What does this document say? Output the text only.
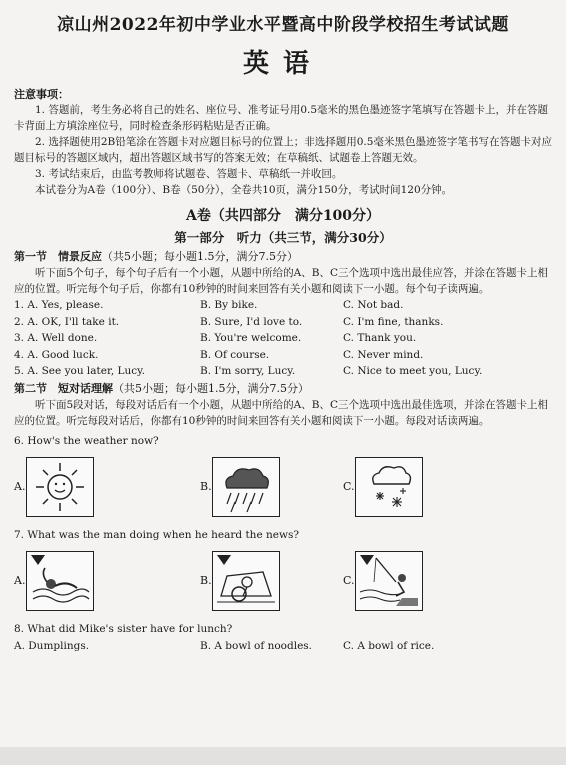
凉山州2022年初中学业水平暨高中阶段学校招生考试试题
英语
注意事项：
1. 答题前，考生务必将自己的姓名、座位号、准考证号用0.5毫米的黑色墨迹签字笔填写在答题卡上，并在答题卡背面上方填涂座位号，同时检查条形码粘贴是否正确。
2. 选择题使用2B铅笔涂在答题卡对应题目标号的位置上；非选择题用0.5毫米黑色墨迹签字笔书写在答题卡对应题目标号的答题区域内，超出答题区域书写的答案无效；在草稿纸、试题卷上答题无效。
3. 考试结束后，由监考教师将试题卷、答题卡、草稿纸一并收回。
本试卷分为A卷（100分）、B卷（50分），全卷共10页，满分150分，考试时间120分钟。
A卷（共四部分　满分100分）
第一部分　听力（共三节，满分30分）
第一节　情景反应（共5小题；每小题1.5分，满分7.5分）
听下面5个句子，每个句子后有一个小题，从题中所给的A、B、C三个选项中选出最佳应答，并涂在答题卡上相应的位置。听完每个句子后，你都有10秒钟的时间来回答有关小题和阅读下一小题。每个句子读两遍。
1. A. Yes, please.	B. By bike.	C. Not bad.
2. A. OK, I'll take it.	B. Sure, I'd love to.	C. I'm fine, thanks.
3. A. Well done.	B. You're welcome.	C. Thank you.
4. A. Good luck.	B. Of course.	C. Never mind.
5. A. See you later, Lucy.	B. I'm sorry, Lucy.	C. Nice to meet you, Lucy.
第二节　短对话理解（共5小题；每小题1.5分，满分7.5分）
听下面5段对话，每段对话后有一个小题，从题中所给的A、B、C三个选项中选出最佳选项，并涂在答题卡上相应的位置。听完每段对话后，你都有10秒钟的时间来回答有关小题和阅读下一小题。每段对话读两遍。
6. How's the weather now?
A.	B.	C.
7. What was the man doing when he heard the news?
A.	B.	C.
8. What did Mike's sister have for lunch?
A. Dumplings.	B. A bowl of noodles.	C. A bowl of rice.
